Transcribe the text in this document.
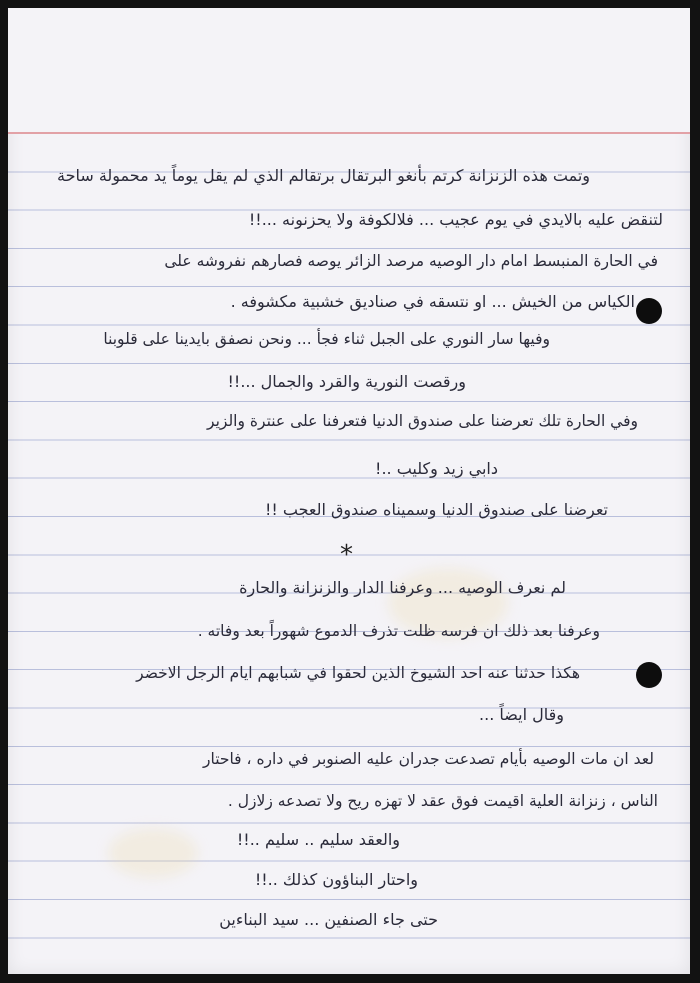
وتمت هذه الزنزانة كرتم بأنغو البرتقال برتقالم الذي لم يقل يوماً يد محمولة ساحة
لتنقض عليه بالايدي في يوم عجيب ... فلالكوفة ولا يحزنونه ...!!
في الحارة المنبسط امام دار الوصيه مرصد الزائر يوصه فصارهم نفروشه على
الكياس من الخيش ... او نتسقه في صناديق خشبية مكشوفه .
وفيها سار النوري على الجبل ثناء فجأ ... ونحن نصفق بايدينا على قلوبنا
ورقصت النورية والقرد والجمال ...!!
وفي الحارة تلك تعرضنا على صندوق الدنيا فتعرفنا على عنترة والزير
دابي زيد وكليب ..!
تعرضنا على صندوق الدنيا وسميناه صندوق العجب !!
*
لم نعرف الوصيه ... وعرفنا الدار والزنزانة والحارة
وعرفنا بعد ذلك ان فرسه ظلت تذرف الدموع شهوراً بعد وفاته .
هكذا حدثنا عنه احد الشيوخ الذين لحقوا في شبابهم ايام الرجل الاخضر
وقال ايضاً ...
لعد ان مات الوصيه بأيام تصدعت جدران عليه الصنوبر في داره ، فاحتار
الناس ، زنزانة العلية اقيمت فوق عقد لا تهزه ريح ولا تصدعه زلازل .
والعقد سليم .. سليم ..!!
واحتار البناؤون كذلك ..!!
حتى جاء الصنفين ... سيد البناءين
